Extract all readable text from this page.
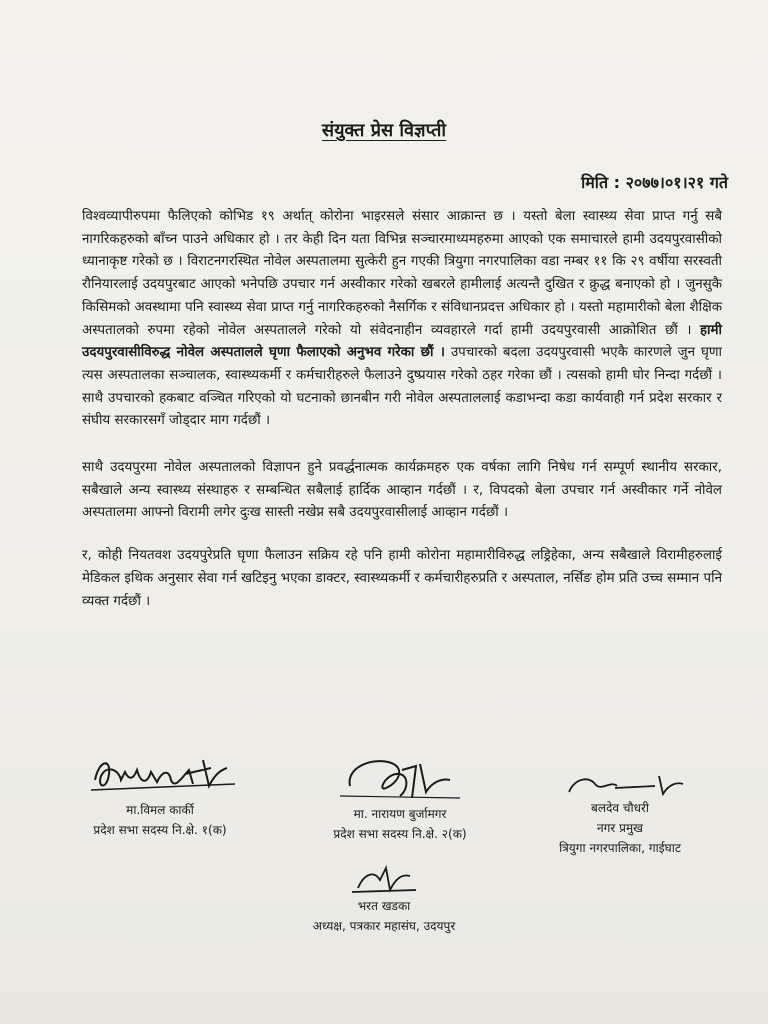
संयुक्त प्रेस विज्ञप्ती
मिति : २०७७।०१।२१ गते

विश्वव्यापीरुपमा फैलिएको कोभिड १९ अर्थात् कोरोना भाइरसले संसार आक्रान्त छ । यस्तो बेला स्वास्थ्य सेवा प्राप्त गर्नु सबै नागरिकहरुको बाँच्न पाउने अधिकार हो । तर केही दिन यता विभिन्न सञ्चारमाध्यमहरुमा आएको एक समाचारले हामी उदयपुरवासीको ध्यानाकृष्ट गरेको छ । विराटनगरस्थित नोवेल अस्पतालमा सुत्केरी हुन गएकी त्रियुगा नगरपालिका वडा नम्बर ११ कि २९ वर्षीया सरस्वती रौनियारलाई उदयपुरबाट आएको भनेपछि उपचार गर्न अस्वीकार गरेको खबरले हामीलाई अत्यन्तै दुखित र क्रुद्ध बनाएको हो । जुनसुकै किसिमको अवस्थामा पनि स्वास्थ्य सेवा प्राप्त गर्नु नागरिकहरुको नैसर्गिक र संविधानप्रदत्त अधिकार हो । यस्तो महामारीको बेला शैक्षिक अस्पतालको रुपमा रहेको नोवेल अस्पतालले गरेको यो संवेदनाहीन व्यवहारले गर्दा हामी उदयपुरवासी आक्रोशित छौं । हामी उदयपुरवासीविरुद्ध नोवेल अस्पतालले घृणा फैलाएको अनुभव गरेका छौं । उपचारको बदला उदयपुरवासी भएकै कारणले जुन घृणा त्यस अस्पतालका सञ्चालक, स्वास्थ्यकर्मी र कर्मचारीहरुले फैलाउने दुष्प्रयास गरेको ठहर गरेका छौं । त्यसको हामी घोर निन्दा गर्दछौं । साथै उपचारको हकबाट वञ्चित गरिएको यो घटनाको छानबीन गरी नोवेल अस्पताललाई कडाभन्दा कडा कार्यवाही गर्न प्रदेश सरकार र संघीय सरकारसगँ जोड्दार माग गर्दछौं ।

साथै उदयपुरमा नोवेल अस्पतालको विज्ञापन हुने प्रवर्द्धनात्मक कार्यक्रमहरु एक वर्षका लागि निषेध गर्न सम्पूर्ण स्थानीय सरकार, सबैखाले अन्य स्वास्थ्य संस्थाहरु र सम्बन्धित सबैलाई हार्दिक आव्हान गर्दछौं । र, विपदको बेला उपचार गर्न अस्वीकार गर्ने नोवेल अस्पतालमा आफ्नो विरामी लगेर दुःख सास्ती नखेप्न सबै उदयपुरवासीलाई आव्हान गर्दछौं ।

र, कोही नियतवश उदयपुरेप्रति घृणा फैलाउन सक्रिय रहे पनि हामी कोरोना महामारीविरुद्ध लड्रिहेका, अन्य सबैखाले विरामीहरुलाई मेडिकल इथिक अनुसार सेवा गर्न खटिइनु भएका डाक्टर, स्वास्थ्यकर्मी र कर्मचारीहरुप्रति र अस्पताल, नर्सिङ होम प्रति उच्च सम्मान पनि व्यक्त गर्दछौं ।

मा.विमल कार्की
प्रदेश सभा सदस्य नि.क्षे. १(क)
मा. नारायण बुर्जामगर
प्रदेश सभा सदस्य नि.क्षे. २(क)
बलदेव चौधरी
नगर प्रमुख
त्रियुगा नगरपालिका, गाईघाट
भरत खडका
अध्यक्ष, पत्रकार महासंघ, उदयपुर
